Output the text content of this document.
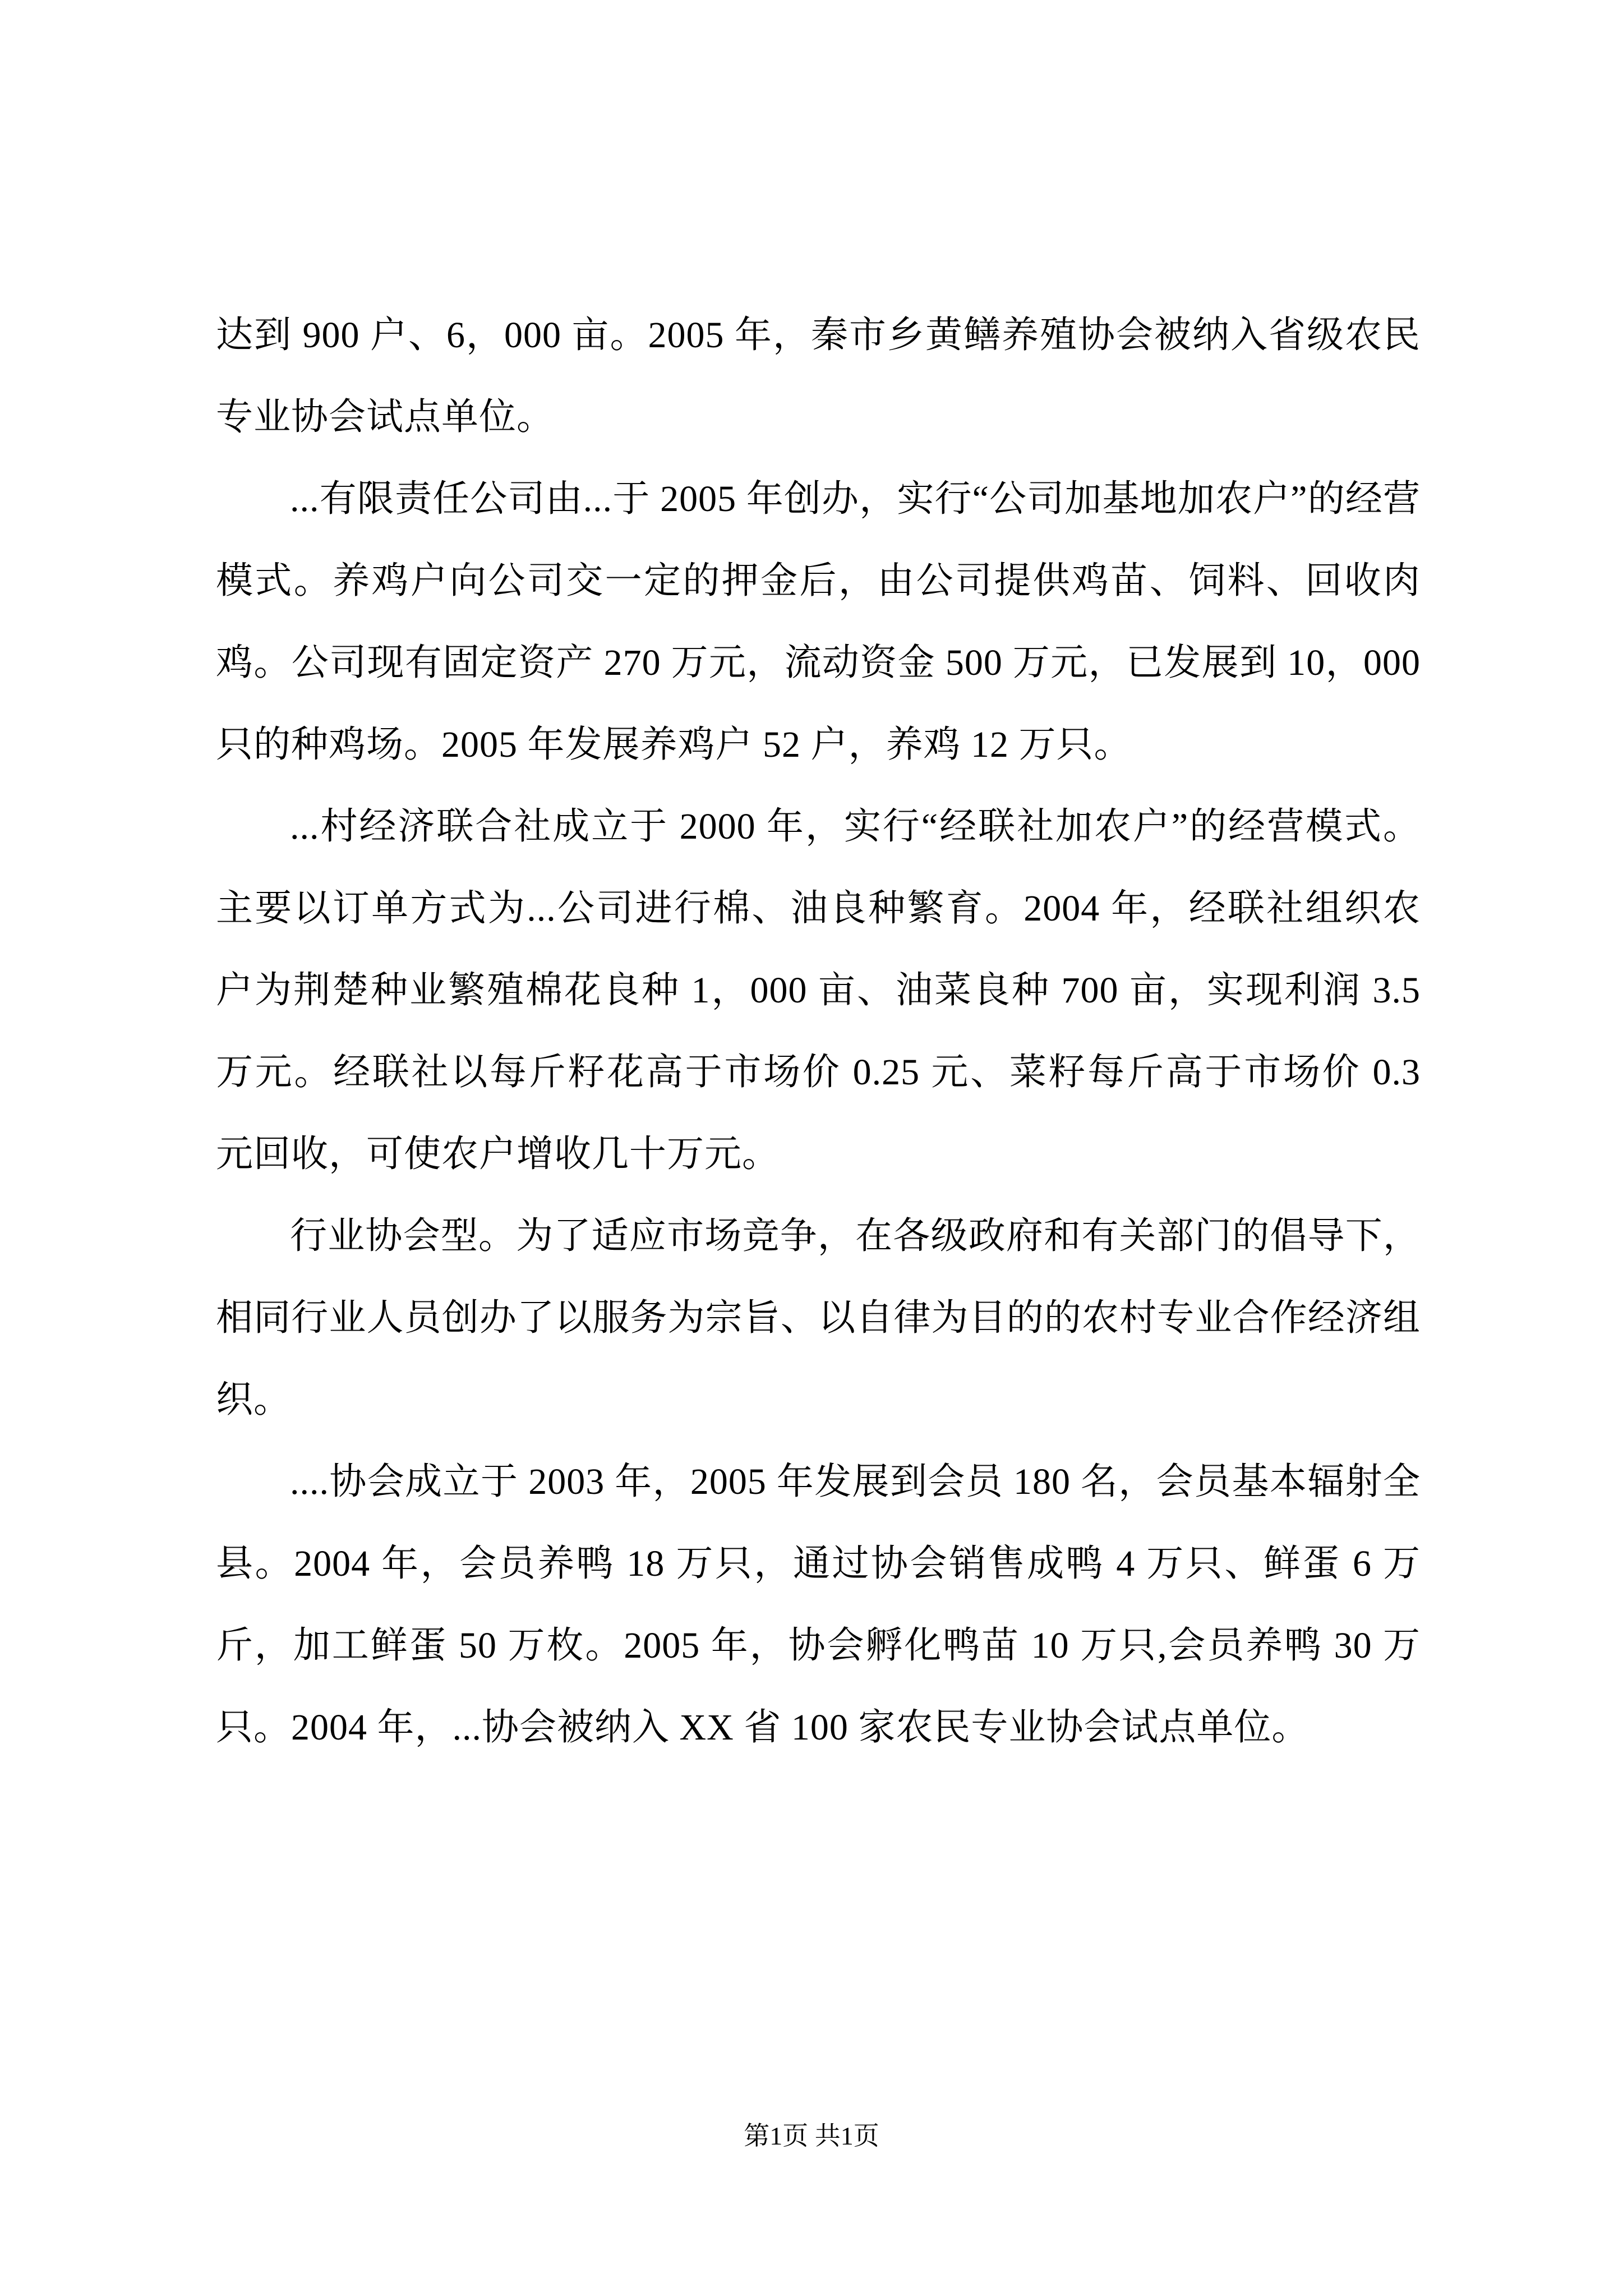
达到 900 户、6，000 亩。2005 年，秦市乡黄鳝养殖协会被纳入省级农民专业协会试点单位。

...有限责任公司由...于 2005 年创办，实行“公司加基地加农户”的经营模式。养鸡户向公司交一定的押金后，由公司提供鸡苗、饲料、回收肉鸡。公司现有固定资产 270 万元，流动资金 500 万元，已发展到 10，000 只的种鸡场。2005 年发展养鸡户 52 户，养鸡 12 万只。

...村经济联合社成立于 2000 年，实行“经联社加农户”的经营模式。主要以订单方式为...公司进行棉、油良种繁育。2004 年，经联社组织农户为荆楚种业繁殖棉花良种 1，000 亩、油菜良种 700 亩，实现利润 3.5 万元。经联社以每斤籽花高于市场价 0.25 元、菜籽每斤高于市场价 0.3 元回收，可使农户增收几十万元。

行业协会型。为了适应市场竞争，在各级政府和有关部门的倡导下，相同行业人员创办了以服务为宗旨、以自律为目的的农村专业合作经济组织。

....协会成立于 2003 年，2005 年发展到会员 180 名，会员基本辐射全县。2004 年，会员养鸭 18 万只，通过协会销售成鸭 4 万只、鲜蛋 6 万斤，加工鲜蛋 50 万枚。2005 年，协会孵化鸭苗 10 万只,会员养鸭 30 万只。2004 年，...协会被纳入 XX 省 100 家农民专业协会试点单位。

第1页 共1页
